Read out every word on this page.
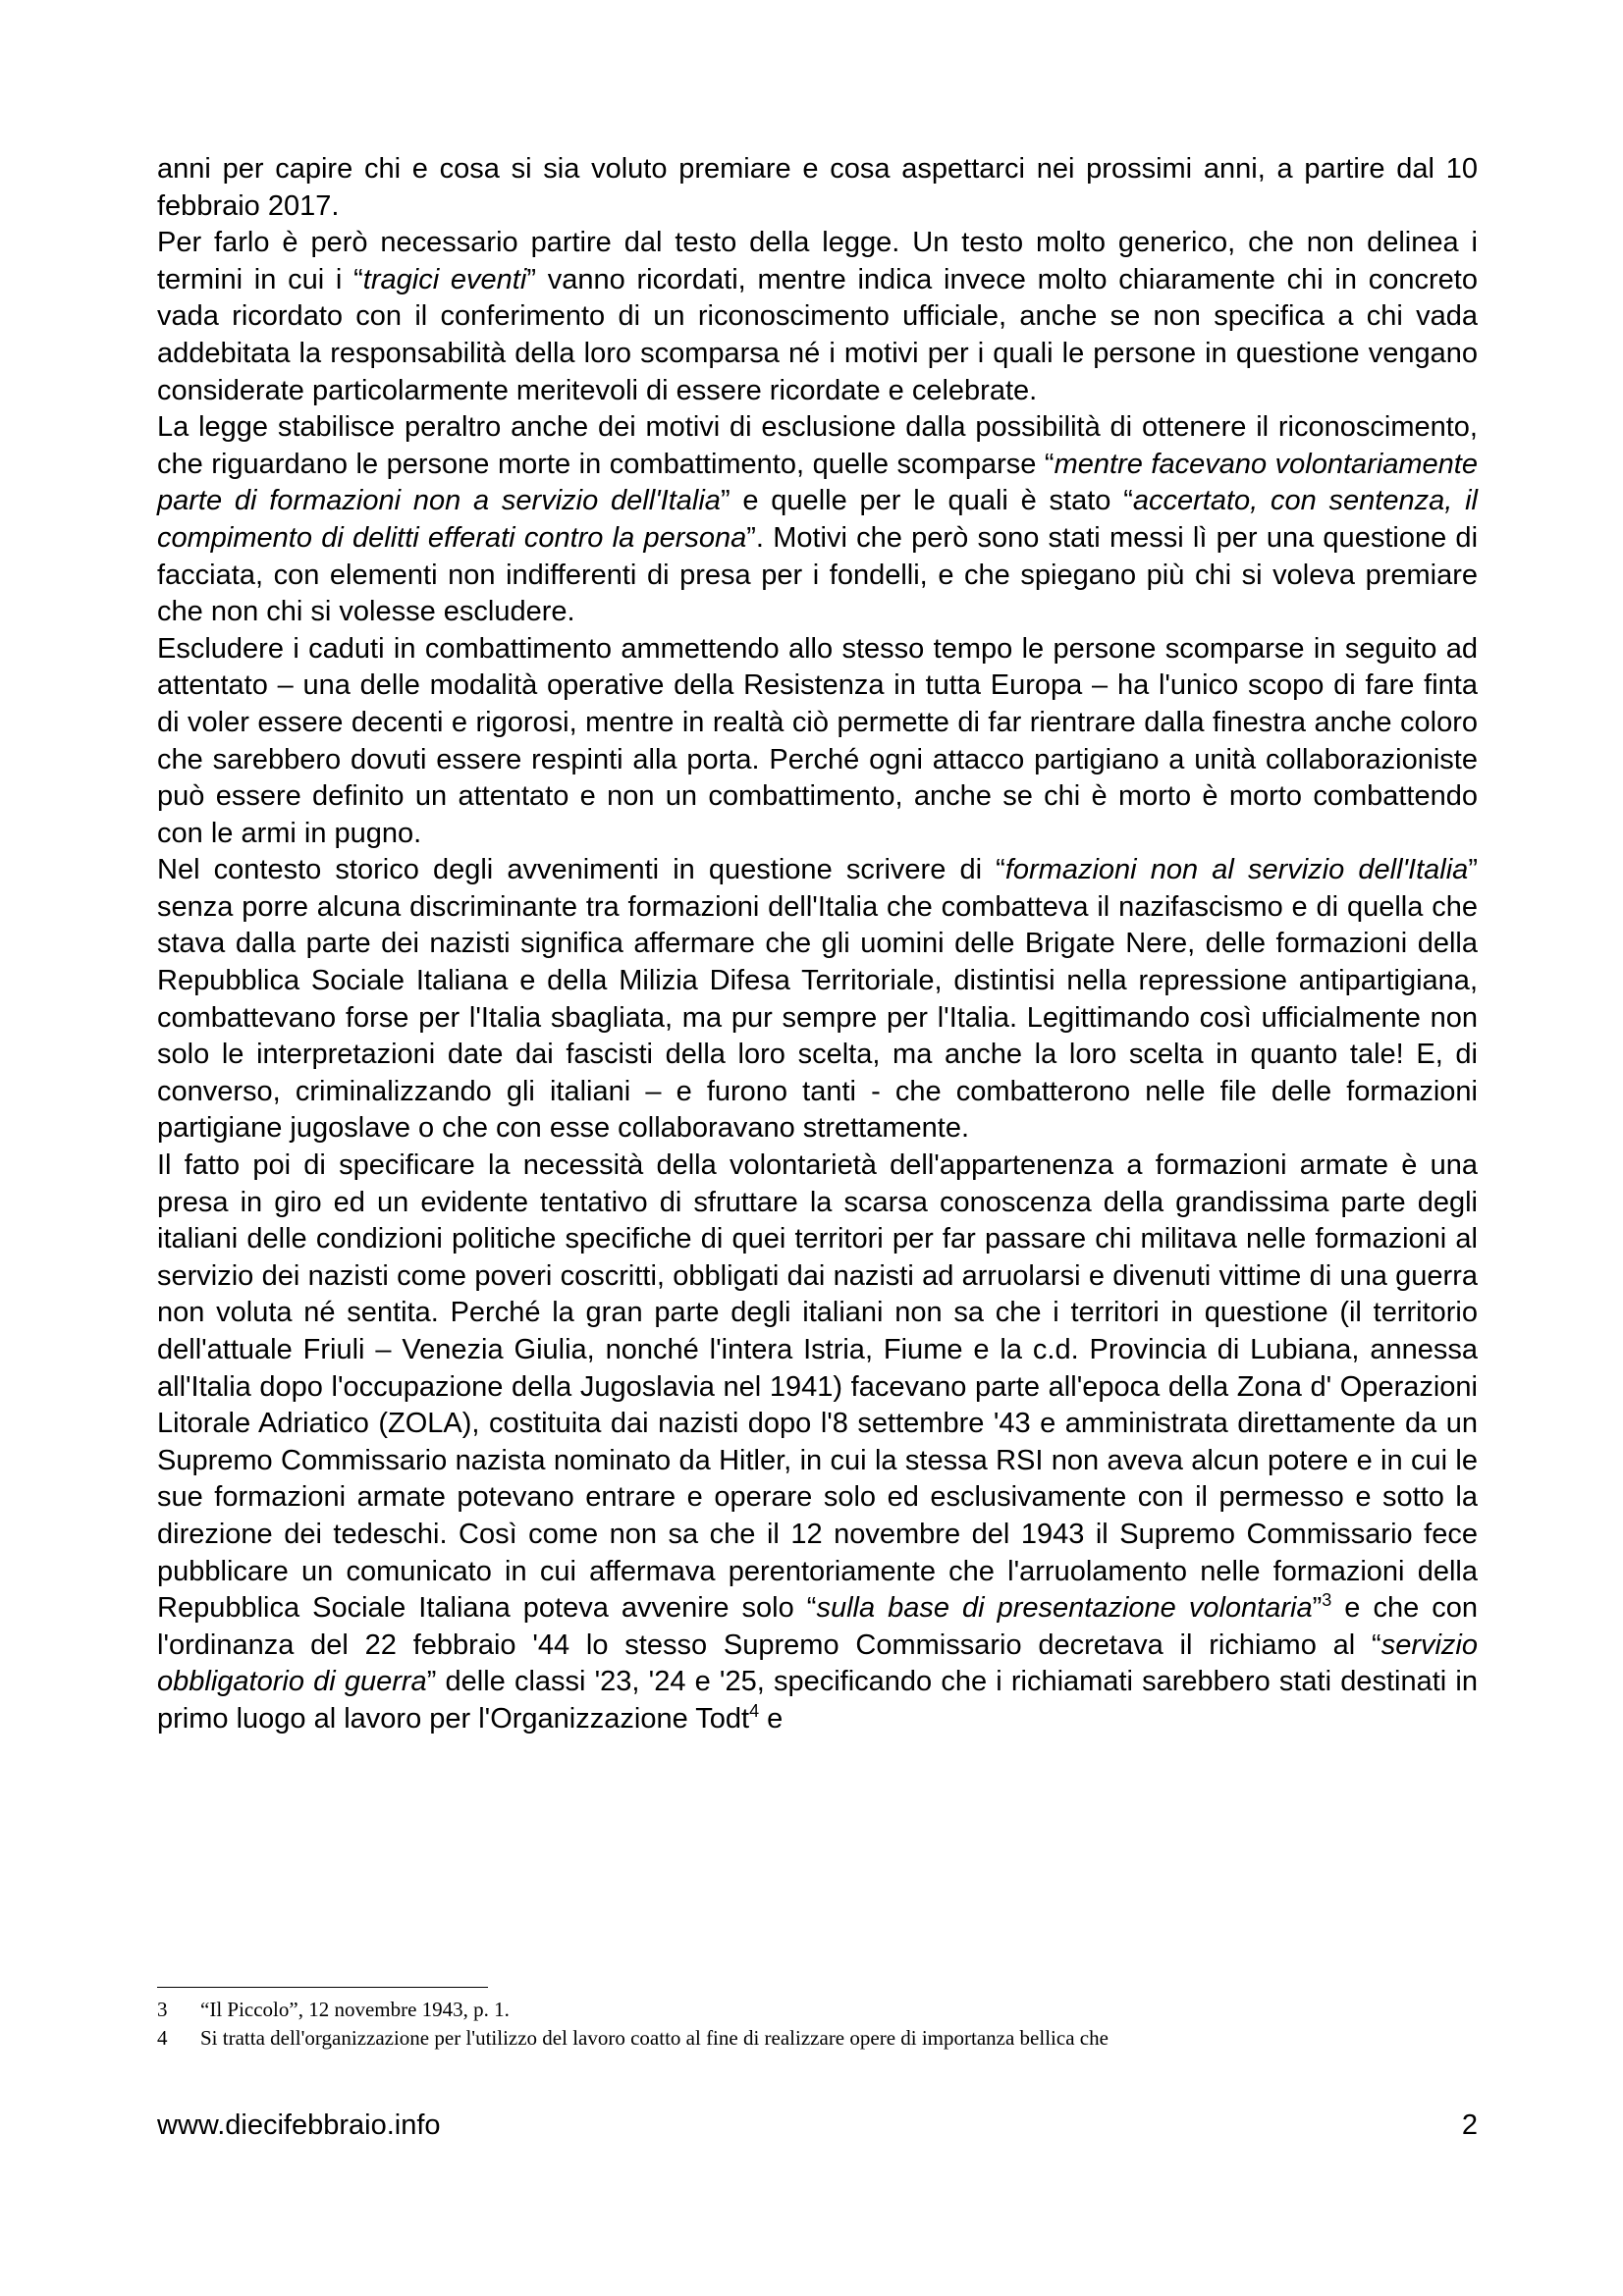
anni per capire chi e cosa si sia voluto premiare e cosa aspettarci nei prossimi anni, a partire dal 10 febbraio 2017.

Per farlo è però necessario partire dal testo della legge. Un testo molto generico, che non delinea i termini in cui i “tragici eventi” vanno ricordati, mentre indica invece molto chiaramente chi in concreto vada ricordato con il conferimento di un riconoscimento ufficiale, anche se non specifica a chi vada addebitata la responsabilità della loro scomparsa né i motivi per i quali le persone in questione vengano considerate particolarmente meritevoli di essere ricordate e celebrate.

La legge stabilisce peraltro anche dei motivi di esclusione dalla possibilità di ottenere il riconoscimento, che riguardano le persone morte in combattimento, quelle scomparse “mentre facevano volontariamente parte di formazioni non a servizio dell'Italia” e quelle per le quali è stato “accertato, con sentenza, il compimento di delitti efferati contro la persona”. Motivi che però sono stati messi lì per una questione di facciata, con elementi non indifferenti di presa per i fondelli, e che spiegano più chi si voleva premiare che non chi si volesse escludere.

Escludere i caduti in combattimento ammettendo allo stesso tempo le persone scomparse in seguito ad attentato – una delle modalità operative della Resistenza in tutta Europa – ha l'unico scopo di fare finta di voler essere decenti e rigorosi, mentre in realtà ciò permette di far rientrare dalla finestra anche coloro che sarebbero dovuti essere respinti alla porta. Perché ogni attacco partigiano a unità collaborazioniste può essere definito un attentato e non un combattimento, anche se chi è morto è morto combattendo con le armi in pugno.

Nel contesto storico degli avvenimenti in questione scrivere di “formazioni non al servizio dell'Italia” senza porre alcuna discriminante tra formazioni dell'Italia che combatteva il nazifascismo e di quella che stava dalla parte dei nazisti significa affermare che gli uomini delle Brigate Nere, delle formazioni della Repubblica Sociale Italiana e della Milizia Difesa Territoriale, distintisi nella repressione antipartigiana, combattevano forse per l'Italia sbagliata, ma pur sempre per l'Italia. Legittimando così ufficialmente non solo le interpretazioni date dai fascisti della loro scelta, ma anche la loro scelta in quanto tale! E, di converso, criminalizzando gli italiani – e furono tanti - che combatterono nelle file delle formazioni partigiane jugoslave o che con esse collaboravano strettamente.

Il fatto poi di specificare la necessità della volontarietà dell'appartenenza a formazioni armate è una presa in giro ed un evidente tentativo di sfruttare la scarsa conoscenza della grandissima parte degli italiani delle condizioni politiche specifiche di quei territori per far passare chi militava nelle formazioni al servizio dei nazisti come poveri coscritti, obbligati dai nazisti ad arruolarsi e divenuti vittime di una guerra non voluta né sentita. Perché la gran parte degli italiani non sa che i territori in questione (il territorio dell'attuale Friuli – Venezia Giulia, nonché l'intera Istria, Fiume e la c.d. Provincia di Lubiana, annessa all'Italia dopo l'occupazione della Jugoslavia nel 1941) facevano parte all'epoca della Zona d' Operazioni Litorale Adriatico (ZOLA), costituita dai nazisti dopo l'8 settembre '43 e amministrata direttamente da un Supremo Commissario nazista nominato da Hitler, in cui la stessa RSI non aveva alcun potere e in cui le sue formazioni armate potevano entrare e operare solo ed esclusivamente con il permesso e sotto la direzione dei tedeschi. Così come non sa che il 12 novembre del 1943 il Supremo Commissario fece pubblicare un comunicato in cui affermava perentoriamente che l'arruolamento nelle formazioni della Repubblica Sociale Italiana poteva avvenire solo “sulla base di presentazione volontaria”$^3$ e che con l'ordinanza del 22 febbraio '44 lo stesso Supremo Commissario decretava il richiamo al “servizio obbligatorio di guerra” delle classi '23, '24 e '25, specificando che i richiamati sarebbero stati destinati in primo luogo al lavoro per l'Organizzazione Todt$^4$ e

3	“Il Piccolo”, 12 novembre 1943, p. 1.
4	Si tratta dell'organizzazione per l'utilizzo del lavoro coatto al fine di realizzare opere di importanza bellica che
www.diecifebbraio.info	2
